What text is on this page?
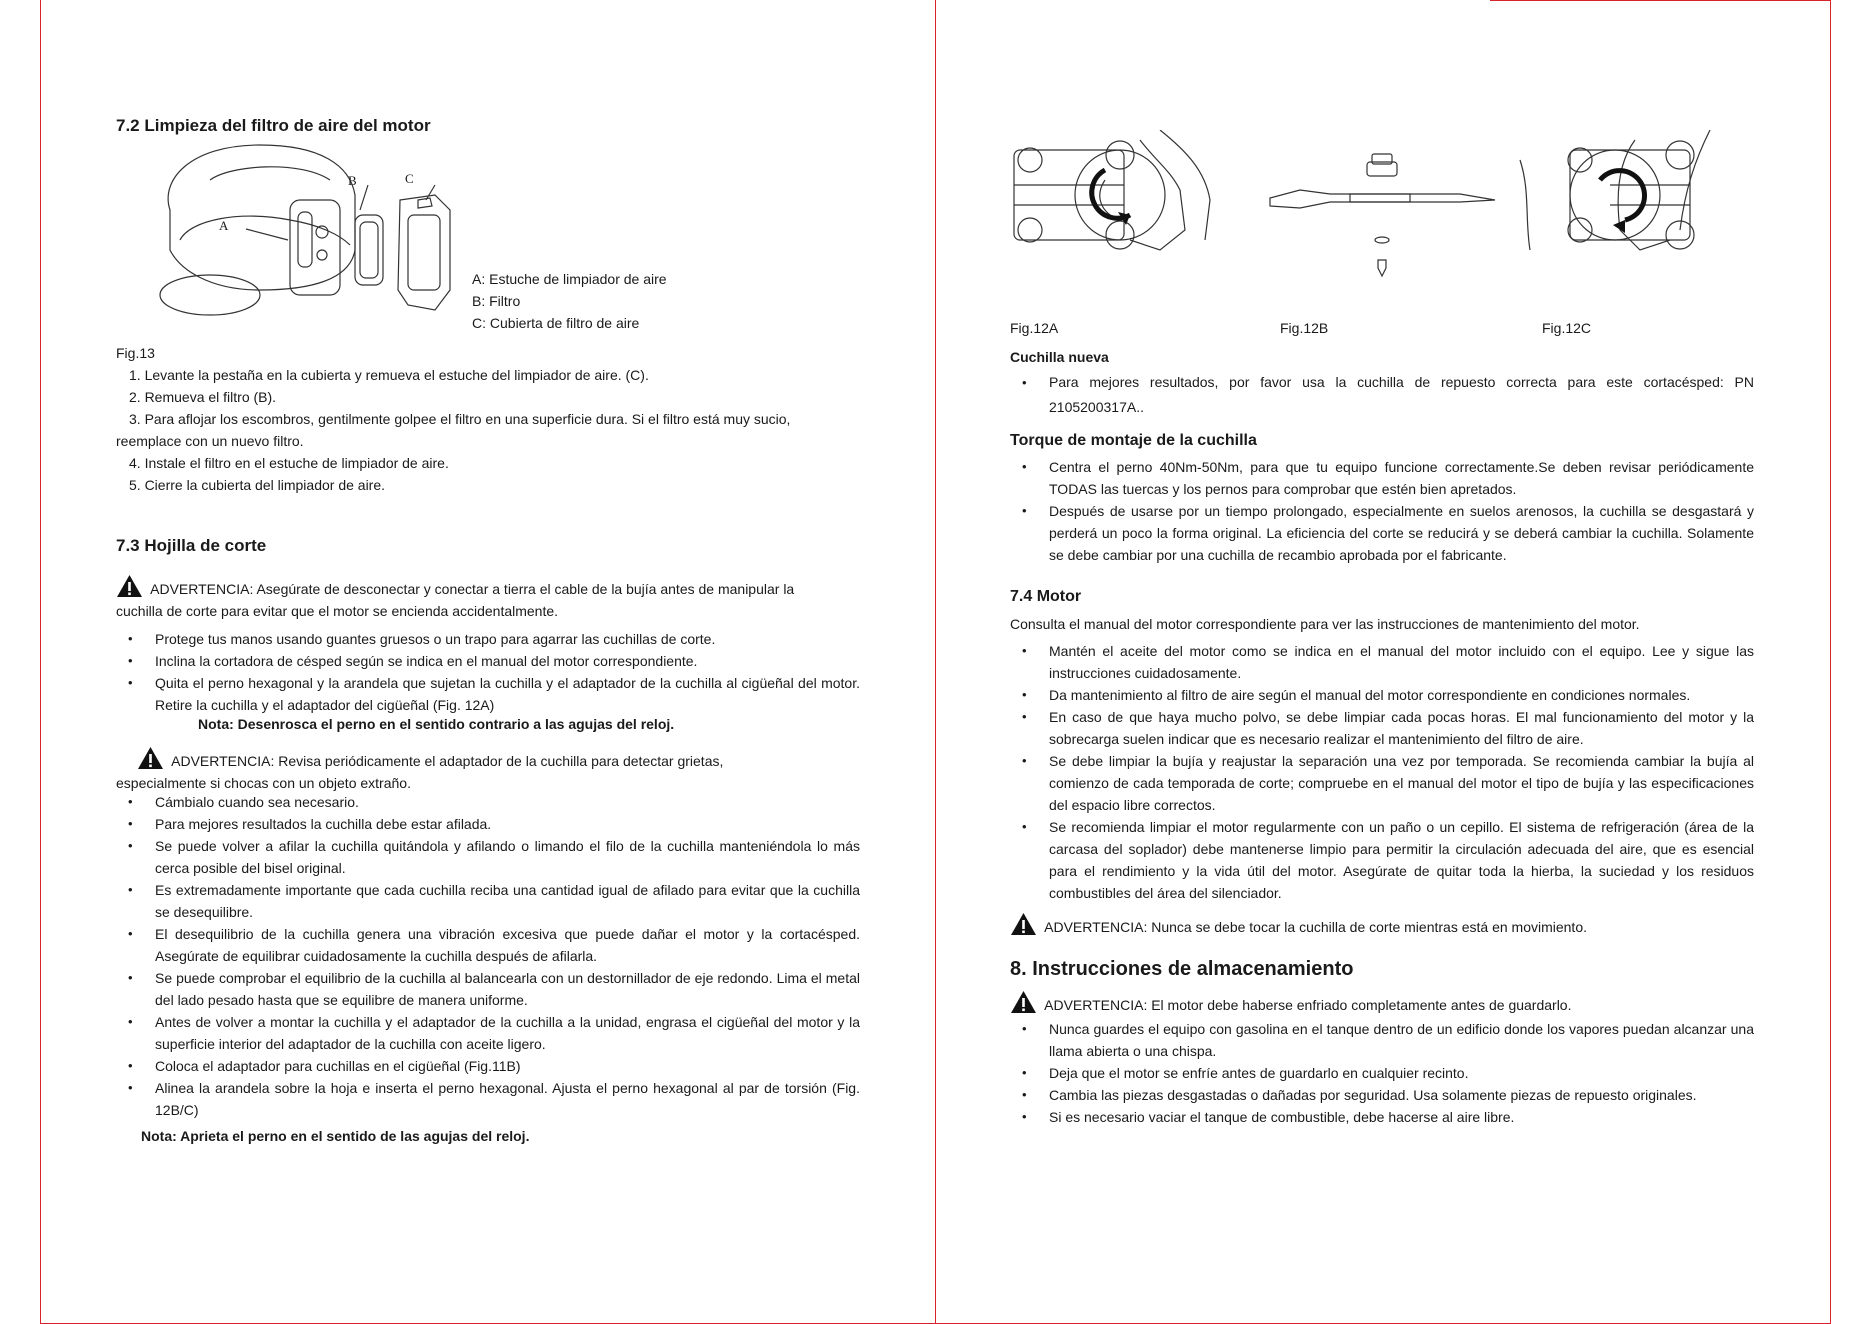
7.2 Limpieza del filtro de aire del motor
A
B	C
A: Estuche de limpiador de aire
B: Filtro
C: Cubierta de filtro de aire
Fig.13
1. Levante la pestaña en la cubierta y remueva el estuche del limpiador de aire. (C).
2. Remueva el filtro (B).
3. Para aflojar los escombros, gentilmente golpee el filtro en una superficie dura. Si el filtro está muy sucio,
reemplace con un nuevo filtro.
4. Instale el filtro en el estuche de limpiador de aire.
5. Cierre la cubierta del limpiador de aire.
7.3 Hojilla de corte
ADVERTENCIA: Asegúrate de desconectar y conectar a tierra el cable de la bujía antes de manipular la
cuchilla de corte para evitar que el motor se encienda accidentalmente.
• Protege tus manos usando guantes gruesos o un trapo para agarrar las cuchillas de corte.
• Inclina la cortadora de césped según se indica en el manual del motor correspondiente.
• Quita el perno hexagonal y la arandela que sujetan la cuchilla y el adaptador de la cuchilla al cigüeñal del motor. Retire la cuchilla y el adaptador del cigüeñal (Fig. 12A)
Nota: Desenrosca el perno en el sentido contrario a las agujas del reloj.
ADVERTENCIA: Revisa periódicamente el adaptador de la cuchilla para detectar grietas,
especialmente si chocas con un objeto extraño.
• Cámbialo cuando sea necesario.
• Para mejores resultados la cuchilla debe estar afilada.
• Se puede volver a afilar la cuchilla quitándola y afilando o limando el filo de la cuchilla manteniéndola lo más cerca posible del bisel original.
• Es extremadamente importante que cada cuchilla reciba una cantidad igual de afilado para evitar que la cuchilla se desequilibre.
• El desequilibrio de la cuchilla genera una vibración excesiva que puede dañar el motor y la cortacésped. Asegúrate de equilibrar cuidadosamente la cuchilla después de afilarla.
• Se puede comprobar el equilibrio de la cuchilla al balancearla con un destornillador de eje redondo. Lima el metal del lado pesado hasta que se equilibre de manera uniforme.
• Antes de volver a montar la cuchilla y el adaptador de la cuchilla a la unidad, engrasa el cigüeñal del motor y la superficie interior del adaptador de la cuchilla con aceite ligero.
• Coloca el adaptador para cuchillas en el cigüeñal (Fig.11B)
• Alinea la arandela sobre la hoja e inserta el perno hexagonal. Ajusta el perno hexagonal al par de torsión (Fig. 12B/C)
Nota: Aprieta el perno en el sentido de las agujas del reloj.
Fig.12A	Fig.12B	Fig.12C
Cuchilla nueva
• Para mejores resultados, por favor usa la cuchilla de repuesto correcta para este cortacésped: PN 2105200317A..
Torque de montaje de la cuchilla
• Centra el perno 40Nm-50Nm, para que tu equipo funcione correctamente.Se deben revisar periódicamente TODAS las tuercas y los pernos para comprobar que estén bien apretados.
• Después de usarse por un tiempo prolongado, especialmente en suelos arenosos, la cuchilla se desgastará y perderá un poco la forma original. La eficiencia del corte se reducirá y se deberá cambiar la cuchilla. Solamente se debe cambiar por una cuchilla de recambio aprobada por el fabricante.
7.4 Motor
Consulta el manual del motor correspondiente para ver las instrucciones de mantenimiento del motor.
• Mantén el aceite del motor como se indica en el manual del motor incluido con el equipo. Lee y sigue las instrucciones cuidadosamente.
• Da mantenimiento al filtro de aire según el manual del motor correspondiente en condiciones normales.
• En caso de que haya mucho polvo, se debe limpiar cada pocas horas. El mal funcionamiento del motor y la sobrecarga suelen indicar que es necesario realizar el mantenimiento del filtro de aire.
• Se debe limpiar la bujía y reajustar la separación una vez por temporada. Se recomienda cambiar la bujía al comienzo de cada temporada de corte; compruebe en el manual del motor el tipo de bujía y las especificaciones del espacio libre correctos.
• Se recomienda limpiar el motor regularmente con un paño o un cepillo. El sistema de refrigeración (área de la carcasa del soplador) debe mantenerse limpio para permitir la circulación adecuada del aire, que es esencial para el rendimiento y la vida útil del motor. Asegúrate de quitar toda la hierba, la suciedad y los residuos combustibles del área del silenciador.
ADVERTENCIA: Nunca se debe tocar la cuchilla de corte mientras está en movimiento.
8. Instrucciones de almacenamiento
ADVERTENCIA: El motor debe haberse enfriado completamente antes de guardarlo.
• Nunca guardes el equipo con gasolina en el tanque dentro de un edificio donde los vapores puedan alcanzar una llama abierta o una chispa.
• Deja que el motor se enfríe antes de guardarlo en cualquier recinto.
• Cambia las piezas desgastadas o dañadas por seguridad. Usa solamente piezas de repuesto originales.
• Si es necesario vaciar el tanque de combustible, debe hacerse al aire libre.
